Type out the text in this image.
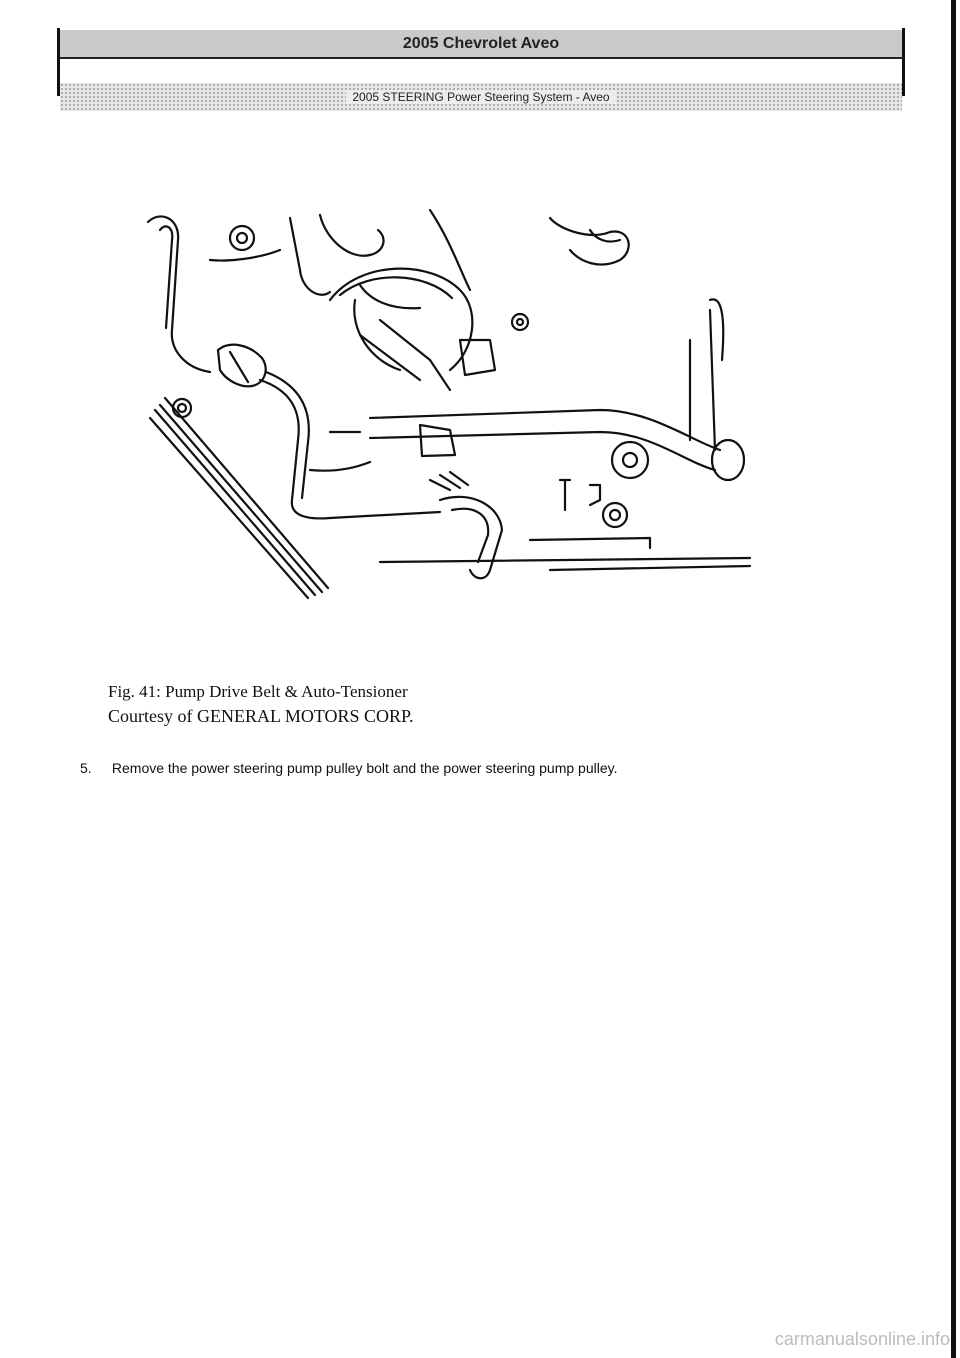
2005 Chevrolet Aveo
2005 STEERING Power Steering System - Aveo
Fig. 41: Pump Drive Belt & Auto-Tensioner
Courtesy of GENERAL MOTORS CORP.
5. Remove the power steering pump pulley bolt and the power steering pump pulley.
carmanualsonline.info
